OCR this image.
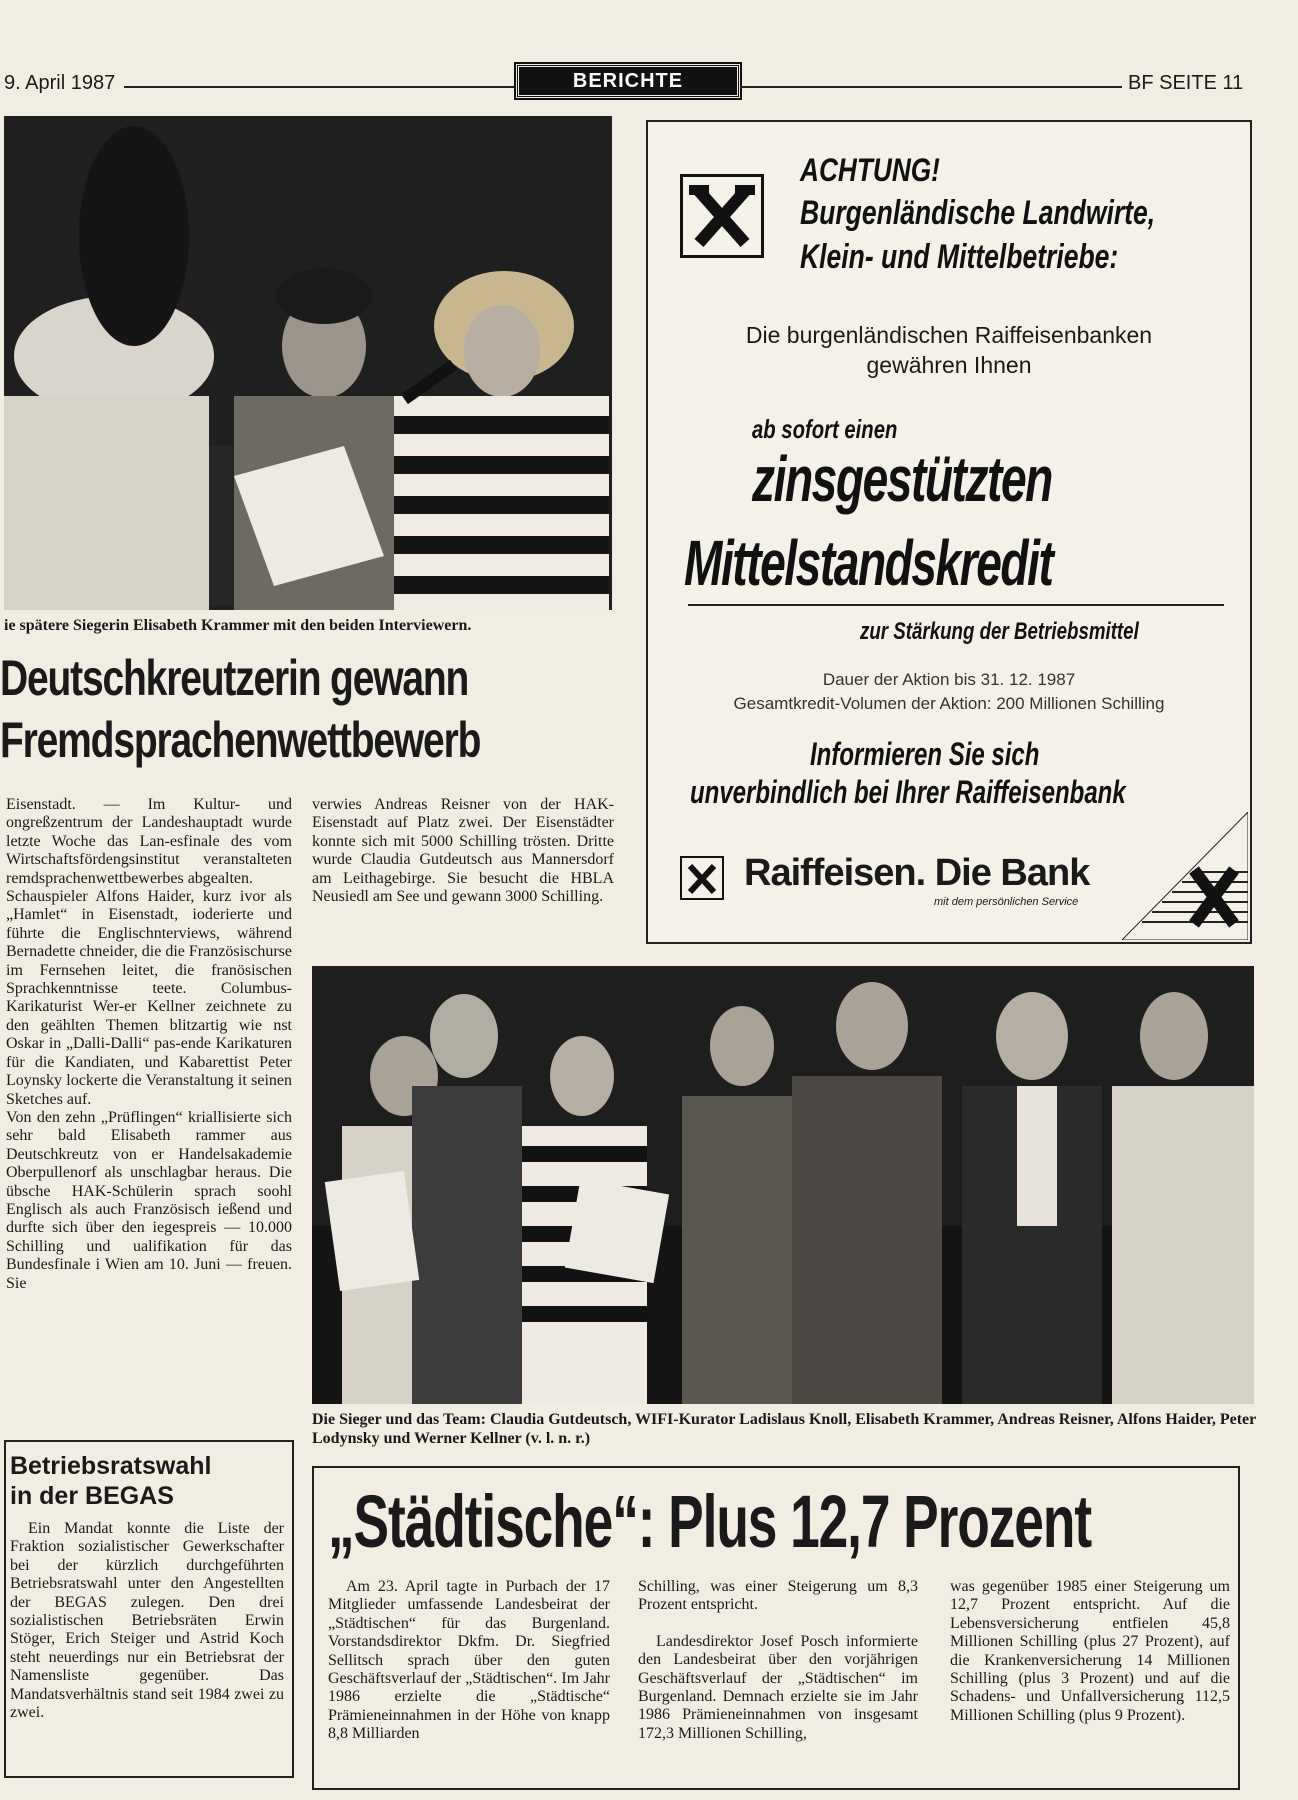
9. April 1987	BERICHTE	BF SEITE 11
ie spätere Siegerin Elisabeth Krammer mit den beiden Interviewern.
Deutschkreutzerin gewann
Fremdsprachenwettbewerb

Eisenstadt. — Im Kultur- und ongreßzentrum der Landeshauptadt wurde letzte Woche das Lan-esfinale des vom Wirtschaftsfördengsinstitut veranstalteten remdsprachenwettbewerbes abgealten.

Schauspieler Alfons Haider, kurz ivor als „Hamlet“ in Eisenstadt, ioderierte und führte die Englischnterviews, während Bernadette chneider, die die Französischurse im Fernsehen leitet, die franösischen Sprachkenntnisse teete. Columbus-Karikaturist Wer-er Kellner zeichnete zu den geählten Themen blitzartig wie nst Oskar in „Dalli-Dalli“ pas-ende Karikaturen für die Kandiaten, und Kabarettist Peter Loynsky lockerte die Veranstaltung it seinen Sketches auf.

Von den zehn „Prüflingen“ kriallisierte sich sehr bald Elisabeth rammer aus Deutschkreutz von er Handelsakademie Oberpullenorf als unschlagbar heraus. Die übsche HAK-Schülerin sprach soohl Englisch als auch Französisch ießend und durfte sich über den iegespreis — 10.000 Schilling und ualifikation für das Bundesfinale i Wien am 10. Juni — freuen. Sie

verwies Andreas Reisner von der HAK-Eisenstadt auf Platz zwei. Der Eisenstädter konnte sich mit 5000 Schilling trösten. Dritte wurde Claudia Gutdeutsch aus Mannersdorf am Leithagebirge. Sie besucht die HBLA Neusiedl am See und gewann 3000 Schilling.
ACHTUNG!
Burgenländische Landwirte,
Klein- und Mittelbetriebe:
Die burgenländischen Raiffeisenbanken
gewähren Ihnen
ab sofort einen
zinsgestützten
Mittelstandskredit
zur Stärkung der Betriebsmittel
Dauer der Aktion bis 31. 12. 1987
Gesamtkredit-Volumen der Aktion: 200 Millionen Schilling
Informieren Sie sich
unverbindlich bei Ihrer Raiffeisenbank
Raiffeisen. Die Bank
mit dem persönlichen Service
Die Sieger und das Team: Claudia Gutdeutsch, WIFI-Kurator Ladislaus Knoll, Elisabeth Krammer, Andreas Reisner, Alfons Haider, Peter Lodynsky und Werner Kellner (v. l. n. r.)
Betriebsratswahl
in der BEGAS
Ein Mandat konnte die Liste der Fraktion sozialistischer Gewerkschafter bei der kürzlich durchgeführten Betriebsratswahl unter den Angestellten der BEGAS zulegen. Den drei sozialistischen Betriebsräten Erwin Stöger, Erich Steiger und Astrid Koch steht neuerdings nur ein Betriebsrat der Namensliste gegenüber. Das Mandatsverhältnis stand seit 1984 zwei zu zwei.
„Städtische“: Plus 12,7 Prozent
Am 23. April tagte in Purbach der 17 Mitglieder umfassende Landesbeirat der „Städtischen“ für das Burgenland. Vorstandsdirektor Dkfm. Dr. Siegfried Sellitsch sprach über den guten Geschäftsverlauf der „Städtischen“. Im Jahr 1986 erzielte die „Städtische“ Prämieneinnahmen in der Höhe von knapp 8,8 Milliarden

Schilling, was einer Steigerung um 8,3 Prozent entspricht.

Landesdirektor Josef Posch informierte den Landesbeirat über den vorjährigen Geschäftsverlauf der „Städtischen“ im Burgenland. Demnach erzielte sie im Jahr 1986 Prämieneinnahmen von insgesamt 172,3 Millionen Schilling,

was gegenüber 1985 einer Steigerung um 12,7 Prozent entspricht. Auf die Lebensversicherung entfielen 45,8 Millionen Schilling (plus 27 Prozent), auf die Krankenversicherung 14 Millionen Schilling (plus 3 Prozent) und auf die Schadens- und Unfallversicherung 112,5 Millionen Schilling (plus 9 Prozent).
